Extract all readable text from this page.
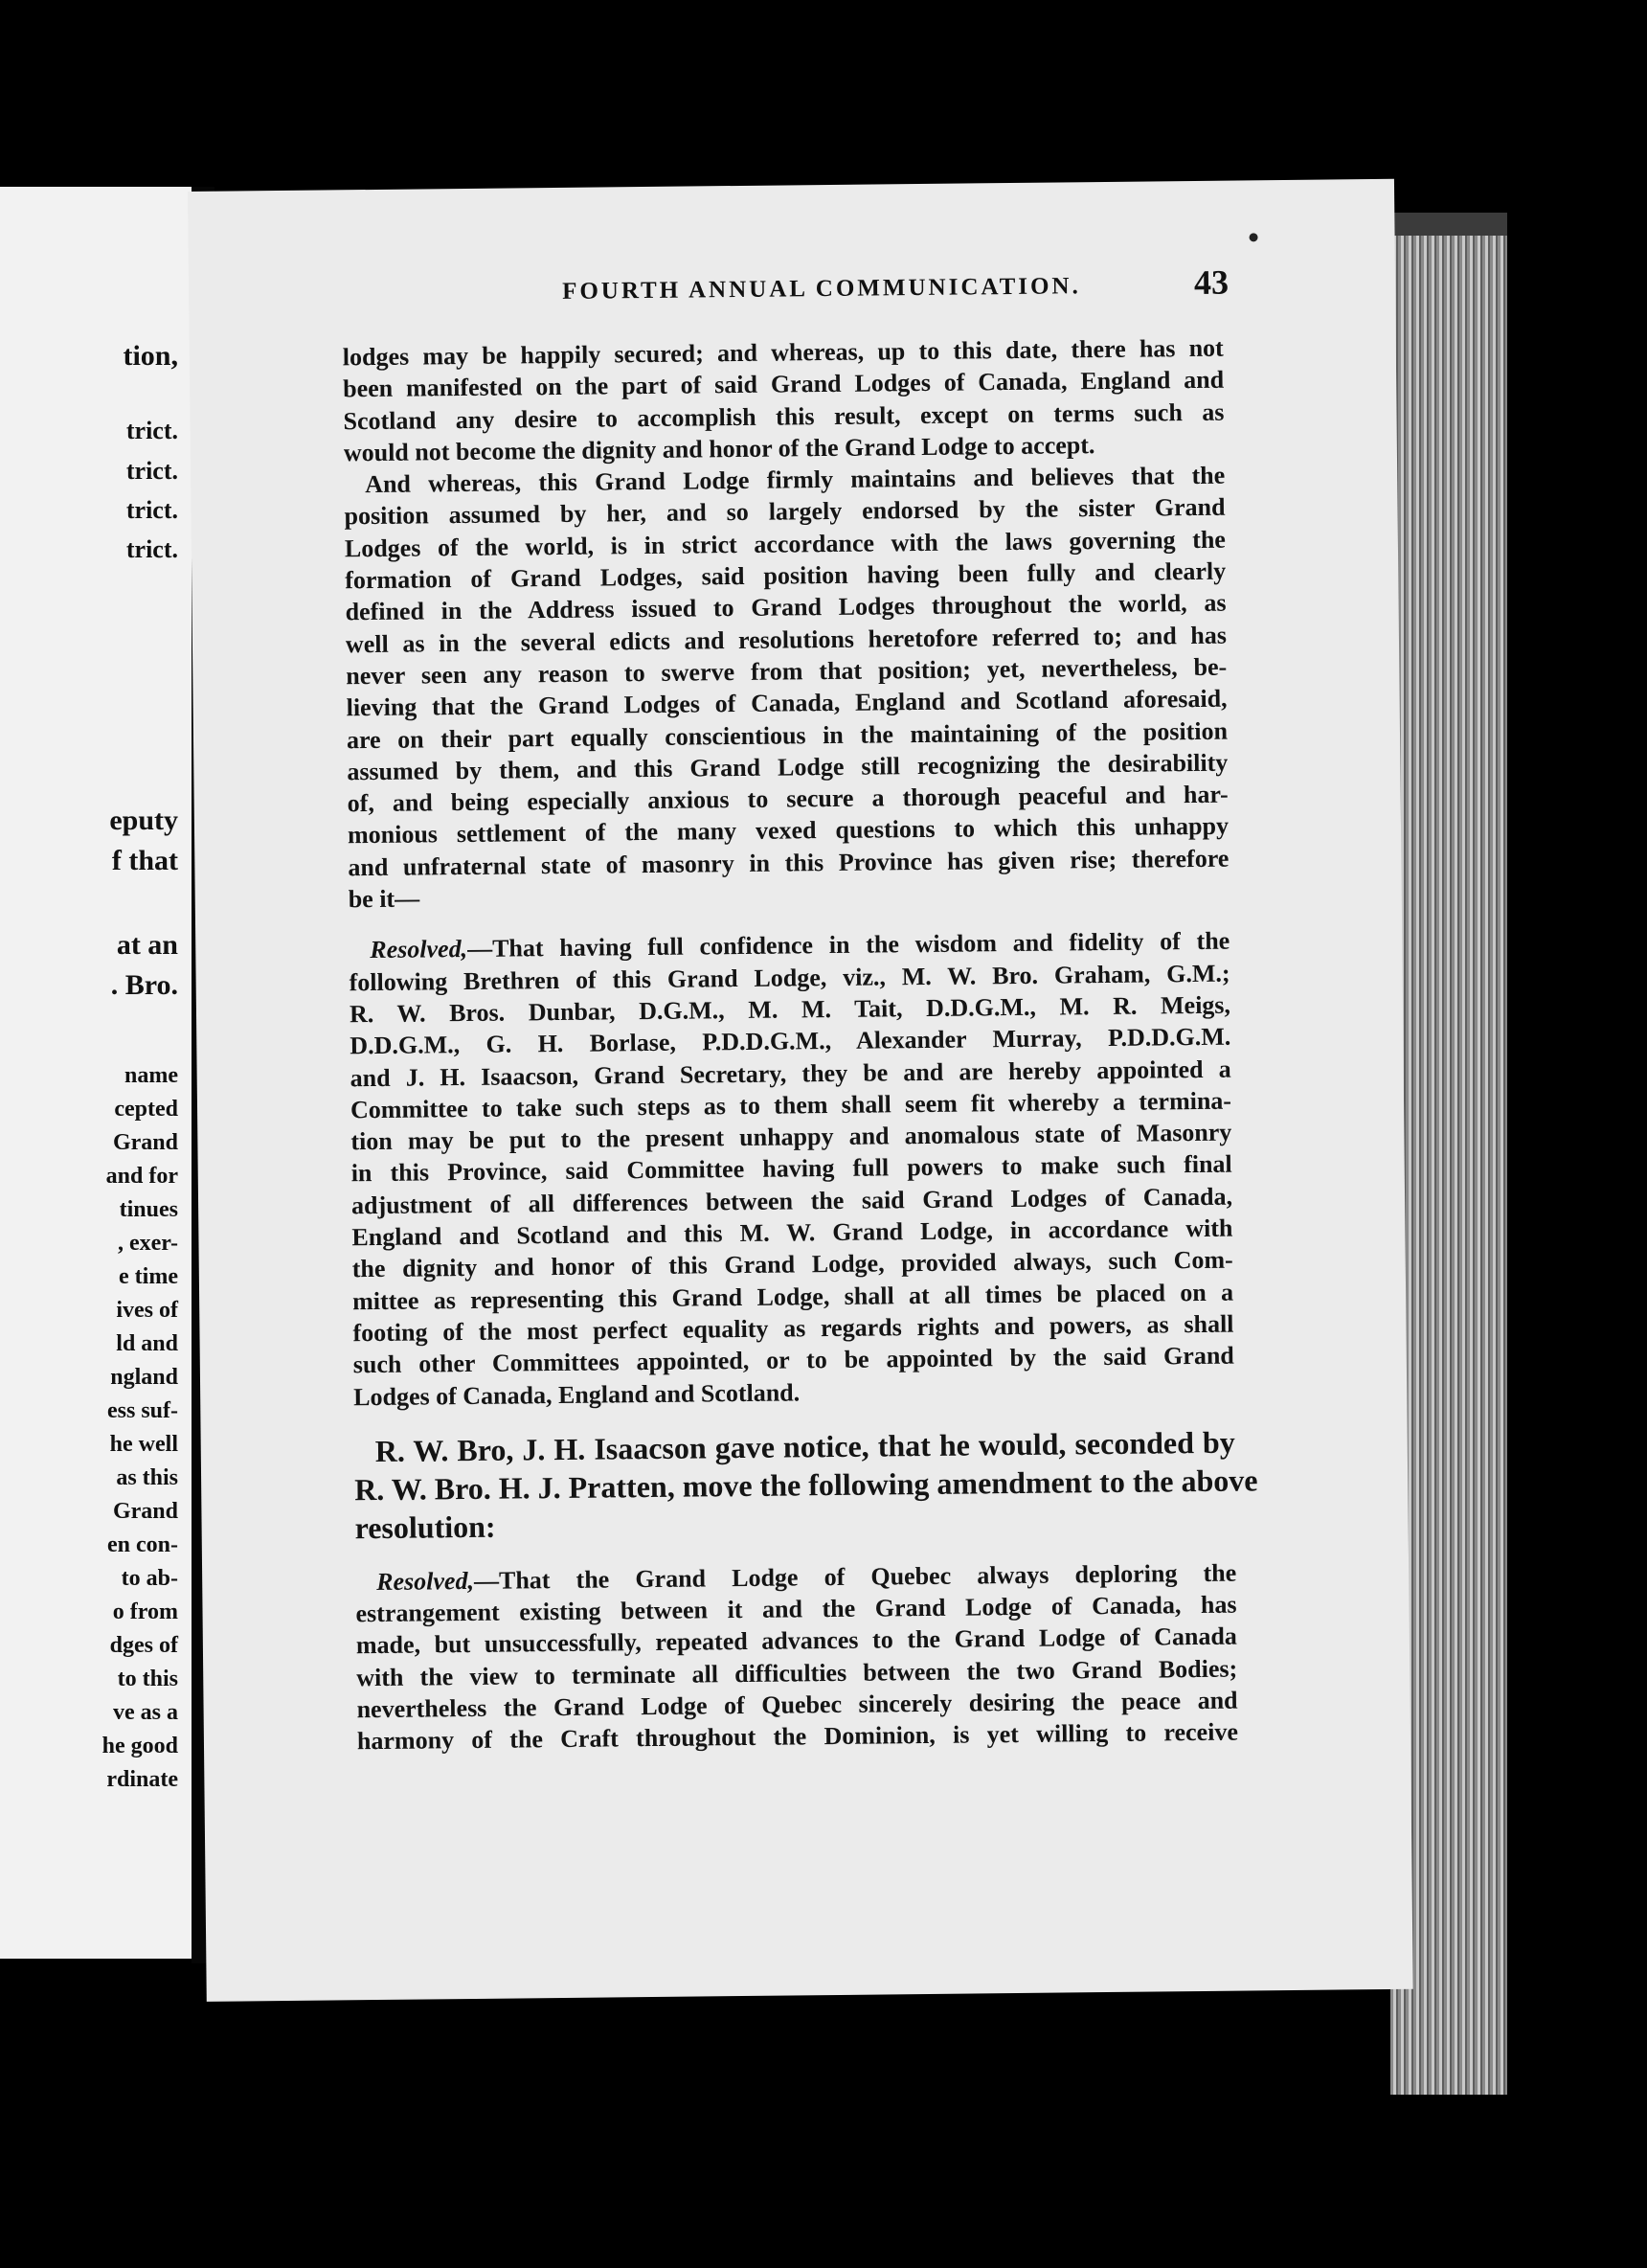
tion,

trict.

trict.

trict.

trict.

eputy

f that

at an

. Bro.

name

cepted

Grand

and for

tinues

, exer-

e time

ives of

ld and

ngland

ess suf-

he well

as this

Grand

en con-

to ab-

o from

dges of

to this

ve as a

he good

rdinate

FOURTH ANNUAL COMMUNICATION.	43
lodges may be happily secured; and whereas, up to this date, there has not
been manifested on the part of said Grand Lodges of Canada, England and
Scotland any desire to accomplish this result, except on terms such as
would not become the dignity and honor of the Grand Lodge to accept.
And whereas, this Grand Lodge firmly maintains and believes that the
position assumed by her, and so largely endorsed by the sister Grand
Lodges of the world, is in strict accordance with the laws governing the
formation of Grand Lodges, said position having been fully and clearly
defined in the Address issued to Grand Lodges throughout the world, as
well as in the several edicts and resolutions heretofore referred to; and has
never seen any reason to swerve from that position; yet, nevertheless, be-
lieving that the Grand Lodges of Canada, England and Scotland aforesaid,
are on their part equally conscientious in the maintaining of the position
assumed by them, and this Grand Lodge still recognizing the desirability
of, and being especially anxious to secure a thorough peaceful and har-
monious settlement of the many vexed questions to which this unhappy
and unfraternal state of masonry in this Province has given rise; therefore
be it—
Resolved,—That having full confidence in the wisdom and fidelity of the
following Brethren of this Grand Lodge, viz., M. W. Bro. Graham, G.M.;
R. W. Bros. Dunbar, D.G.M., M. M. Tait, D.D.G.M., M. R. Meigs,
D.D.G.M., G. H. Borlase, P.D.D.G.M., Alexander Murray, P.D.D.G.M.
and J. H. Isaacson, Grand Secretary, they be and are hereby appointed a
Committee to take such steps as to them shall seem fit whereby a termina-
tion may be put to the present unhappy and anomalous state of Masonry
in this Province, said Committee having full powers to make such final
adjustment of all differences between the said Grand Lodges of Canada,
England and Scotland and this M. W. Grand Lodge, in accordance with
the dignity and honor of this Grand Lodge, provided always, such Com-
mittee as representing this Grand Lodge, shall at all times be placed on a
footing of the most perfect equality as regards rights and powers, as shall
such other Committees appointed, or to be appointed by the said Grand
Lodges of Canada, England and Scotland.
R. W. Bro, J. H. Isaacson gave notice, that he would, seconded by
R. W. Bro. H. J. Pratten, move the following amendment to the above
resolution:
Resolved,—That the Grand Lodge of Quebec always deploring the
estrangement existing between it and the Grand Lodge of Canada, has
made, but unsuccessfully, repeated advances to the Grand Lodge of Canada
with the view to terminate all difficulties between the two Grand Bodies;
nevertheless the Grand Lodge of Quebec sincerely desiring the peace and
harmony of the Craft throughout the Dominion, is yet willing to receive
